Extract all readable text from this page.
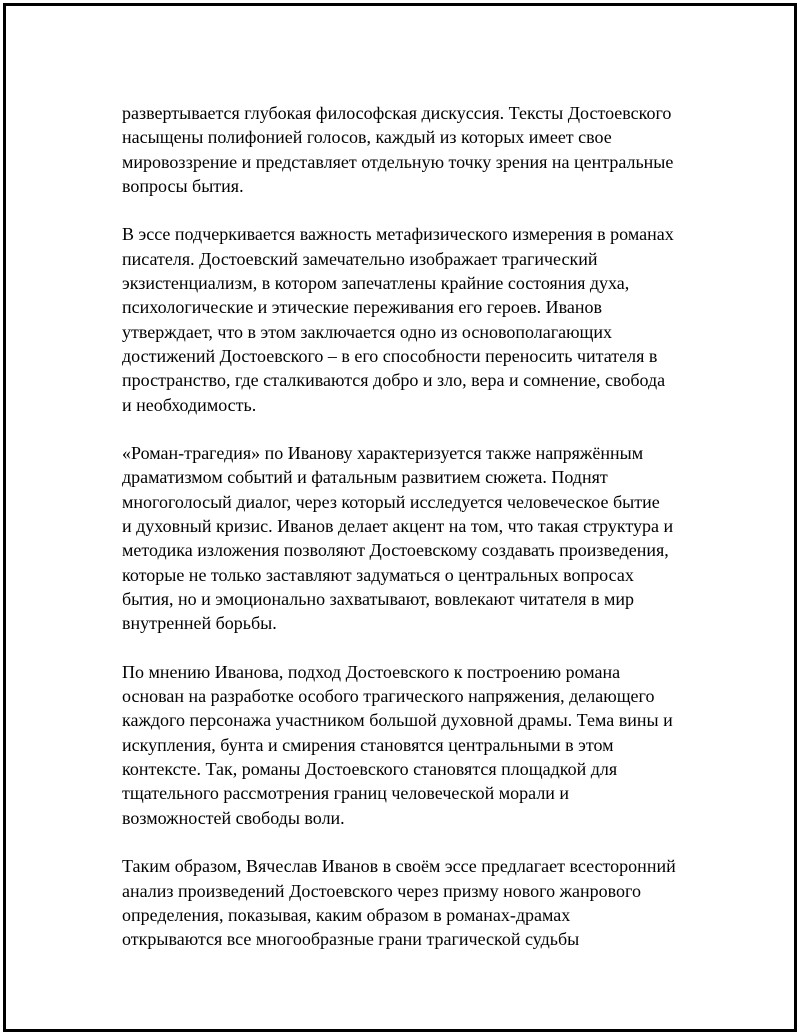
развертывается глубокая философская дискуссия. Тексты Достоевского
насыщены полифонией голосов, каждый из которых имеет свое
мировоззрение и представляет отдельную точку зрения на центральные
вопросы бытия.

В эссе подчеркивается важность метафизического измерения в романах
писателя. Достоевский замечательно изображает трагический
экзистенциализм, в котором запечатлены крайние состояния духа,
психологические и этические переживания его героев. Иванов
утверждает, что в этом заключается одно из основополагающих
достижений Достоевского – в его способности переносить читателя в
пространство, где сталкиваются добро и зло, вера и сомнение, свобода
и необходимость.

«Роман-трагедия» по Иванову характеризуется также напряжённым
драматизмом событий и фатальным развитием сюжета. Поднят
многоголосый диалог, через который исследуется человеческое бытие
и духовный кризис. Иванов делает акцент на том, что такая структура и
методика изложения позволяют Достоевскому создавать произведения,
которые не только заставляют задуматься о центральных вопросах
бытия, но и эмоционально захватывают, вовлекают читателя в мир
внутренней борьбы.

По мнению Иванова, подход Достоевского к построению романа
основан на разработке особого трагического напряжения, делающего
каждого персонажа участником большой духовной драмы. Тема вины и
искупления, бунта и смирения становятся центральными в этом
контексте. Так, романы Достоевского становятся площадкой для
тщательного рассмотрения границ человеческой морали и
возможностей свободы воли.

Таким образом, Вячеслав Иванов в своём эссе предлагает всесторонний
анализ произведений Достоевского через призму нового жанрового
определения, показывая, каким образом в романах-драмах
открываются все многообразные грани трагической судьбы
